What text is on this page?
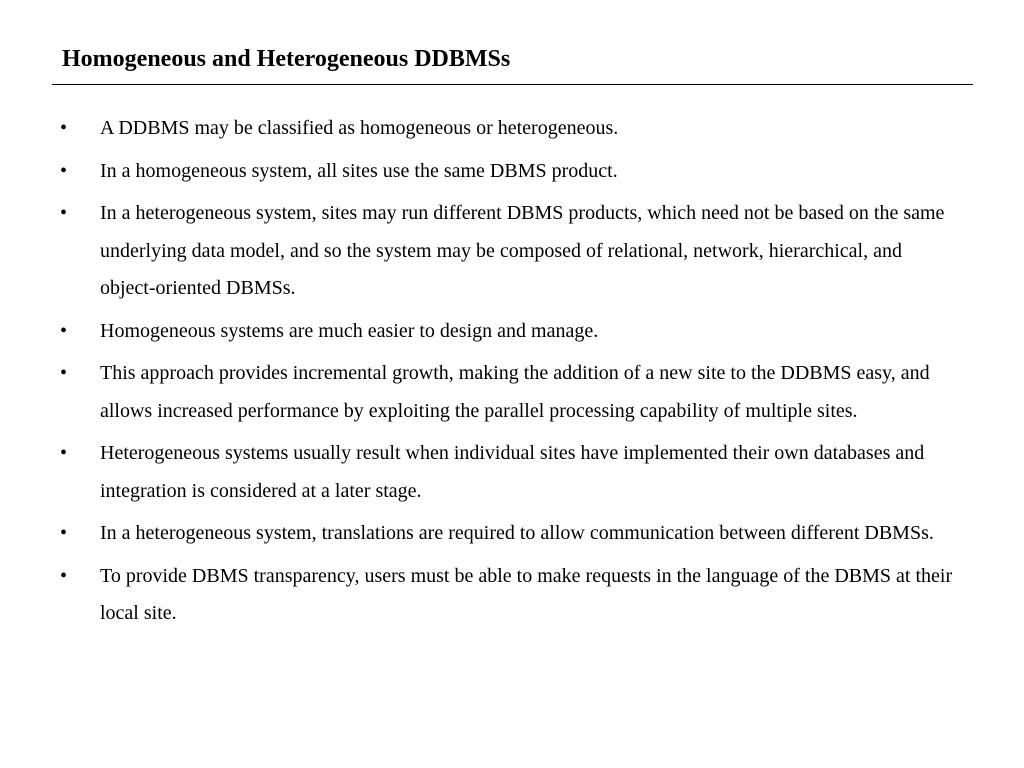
Homogeneous and Heterogeneous DDBMSs
• A DDBMS may be classified as homogeneous or heterogeneous.
• In a homogeneous system, all sites use the same DBMS product.
• In a heterogeneous system, sites may run different DBMS products, which need not be based on the same underlying data model, and so the system may be composed of relational, network, hierarchical, and object-oriented DBMSs.
• Homogeneous systems are much easier to design and manage.
• This approach provides incremental growth, making the addition of a new site to the DDBMS easy, and allows increased performance by exploiting the parallel processing capability of multiple sites.
• Heterogeneous systems usually result when individual sites have implemented their own databases and integration is considered at a later stage.
• In a heterogeneous system, translations are required to allow communication between different DBMSs.
• To provide DBMS transparency, users must be able to make requests in the language of the DBMS at their local site.
